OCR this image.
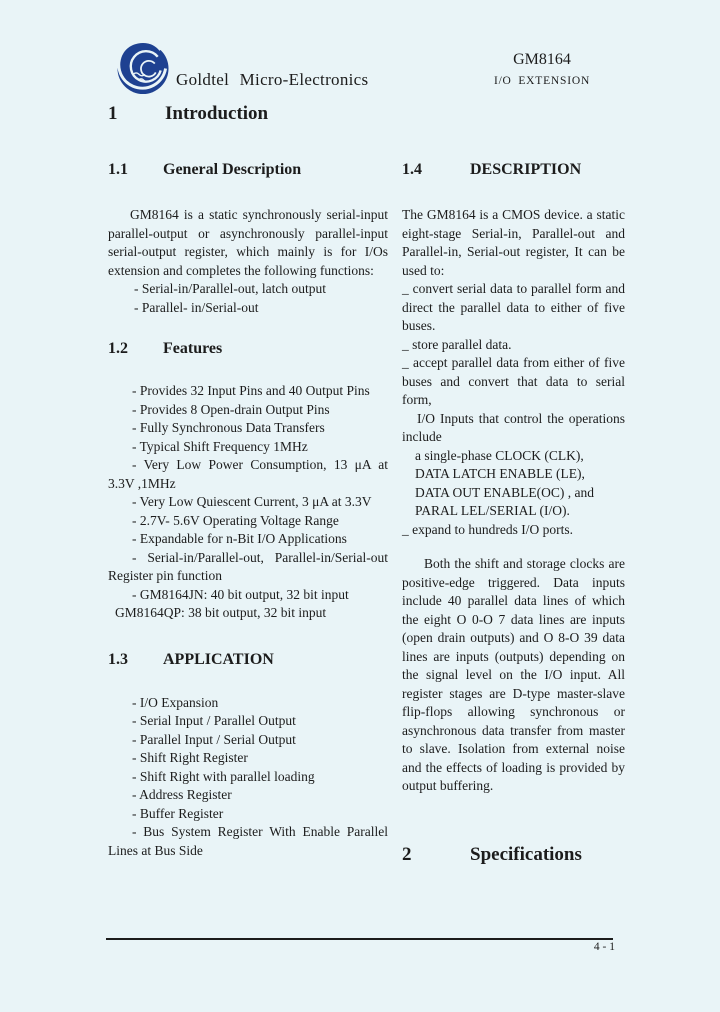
Goldtel Micro-Electronics
GM8164
I/O EXTENSION
1	Introduction
1.1	General Description

GM8164 is a static synchronously serial-input parallel-output or asynchronously parallel-input serial-output register, which mainly is for I/Os extension and completes the following functions:

- Serial-in/Parallel-out, latch output

- Parallel- in/Serial-out

1.2	Features

- Provides 32 Input Pins and 40 Output Pins

- Provides 8 Open-drain Output Pins

- Fully Synchronous Data Transfers

- Typical Shift Frequency 1MHz

- Very Low Power Consumption, 13 μA at 3.3V ,1MHz

- Very Low Quiescent Current, 3 μA at 3.3V

- 2.7V- 5.6V Operating Voltage Range

- Expandable for n-Bit I/O Applications

- Serial-in/Parallel-out, Parallel-in/Serial-out Register pin function

- GM8164JN: 40 bit output, 32 bit input

GM8164QP: 38 bit output, 32 bit input

1.3	APPLICATION

- I/O Expansion

- Serial Input / Parallel Output

- Parallel Input / Serial Output

- Shift Right Register

- Shift Right with parallel loading

- Address Register

- Buffer Register

- Bus System Register With Enable Parallel Lines at Bus Side

1.4	DESCRIPTION

The GM8164 is a CMOS device. a static eight-stage Serial-in, Parallel-out and Parallel-in, Serial-out register, It can be used to:

_ convert serial data to parallel form and direct the parallel data to either of five buses.

_ store parallel data.

_ accept parallel data from either of five buses and convert that data to serial form,

I/O Inputs that control the operations include

a single-phase CLOCK (CLK),

DATA LATCH ENABLE (LE),

DATA OUT ENABLE(OC) , and

PARAL LEL/SERIAL (I/O).

_ expand to hundreds I/O ports.

Both the shift and storage clocks are positive-edge triggered. Data inputs include 40 parallel data lines of which the eight O 0-O 7 data lines are inputs (open drain outputs) and O 8-O 39 data lines are inputs (outputs) depending on the signal level on the I/O input. All register stages are D-type master-slave flip-flops allowing synchronous or asynchronous data transfer from master to slave. Isolation from external noise and the effects of loading is provided by output buffering.

2	Specifications
4 - 1
